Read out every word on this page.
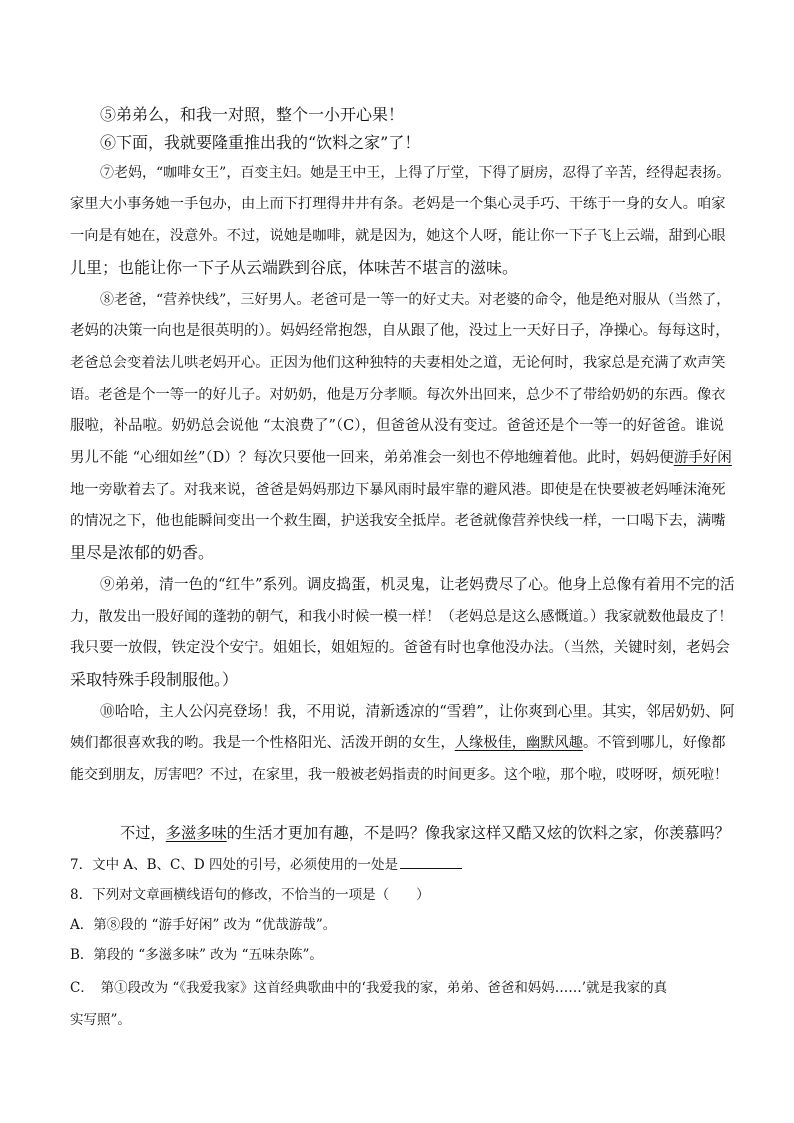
⑤弟弟么，和我一对照，整个一小开心果！
⑥下面，我就要隆重推出我的“饮料之家”了！
⑦老妈，“咖啡女王”，百变主妇。她是王中王，上得了厅堂，下得了厨房，忍得了辛苦，经得起表扬。
家里大小事务她一手包办，由上而下打理得井井有条。老妈是一个集心灵手巧、干练于一身的女人。咱家
一向是有她在，没意外。不过，说她是咖啡，就是因为，她这个人呀，能让你一下子飞上云端，甜到心眼
儿里；也能让你一下子从云端跌到谷底，体味苦不堪言的滋味。
⑧老爸，“营养快线”，三好男人。老爸可是一等一的好丈夫。对老婆的命令，他是绝对服从（当然了，
老妈的决策一向也是很英明的）。妈妈经常抱怨，自从跟了他，没过上一天好日子，净操心。每每这时，
老爸总会变着法儿哄老妈开心。正因为他们这种独特的夫妻相处之道，无论何时，我家总是充满了欢声笑
语。老爸是个一等一的好儿子。对奶奶，他是万分孝顺。每次外出回来，总少不了带给奶奶的东西。像衣
服啦，补品啦。奶奶总会说他 “太浪费了”（C），但爸爸从没有变过。爸爸还是个一等一的好爸爸。谁说
男儿不能 “心细如丝”（D）？每次只要他一回来，弟弟准会一刻也不停地缠着他。此时，妈妈便游手好闲
地一旁歇着去了。对我来说，爸爸是妈妈那边下暴风雨时最牢靠的避风港。即使是在快要被老妈唾沫淹死
的情况之下，他也能瞬间变出一个救生圈，护送我安全抵岸。老爸就像营养快线一样，一口喝下去，满嘴
里尽是浓郁的奶香。
⑨弟弟，清一色的“红牛”系列。调皮捣蛋，机灵鬼，让老妈费尽了心。他身上总像有着用不完的活
力，散发出一股好闻的蓬勃的朝气，和我小时候一模一样！（老妈总是这么感慨道。）我家就数他最皮了！
我只要一放假，铁定没个安宁。姐姐长，姐姐短的。爸爸有时也拿他没办法。（当然，关键时刻，老妈会
采取特殊手段制服他。）
⑩哈哈，主人公闪亮登场！我，不用说，清新透凉的“雪碧”，让你爽到心里。其实，邻居奶奶、阿
姨们都很喜欢我的哟。我是一个性格阳光、活泼开朗的女生，人缘极佳，幽默风趣。不管到哪儿，好像都
能交到朋友，厉害吧？不过，在家里，我一般被老妈指责的时间更多。这个啦，那个啦，哎呀呀，烦死啦！
不过，多滋多味的生活才更加有趣，不是吗？像我家这样又酷又炫的饮料之家，你羡慕吗？
7．文中 A、B、C、D 四处的引号，必须使用的一处是
8．下列对文章画横线语句的修改，不恰当的一项是（　　）
A．第⑧段的 “游手好闲” 改为 “优哉游哉”。
B．第段的 “多滋多味” 改为 “五味杂陈”。
C．　第①段改为 “《我爱我家》这首经典歌曲中的‘我爱我的家，弟弟、爸爸和妈妈……’就是我家的真
实写照”。
